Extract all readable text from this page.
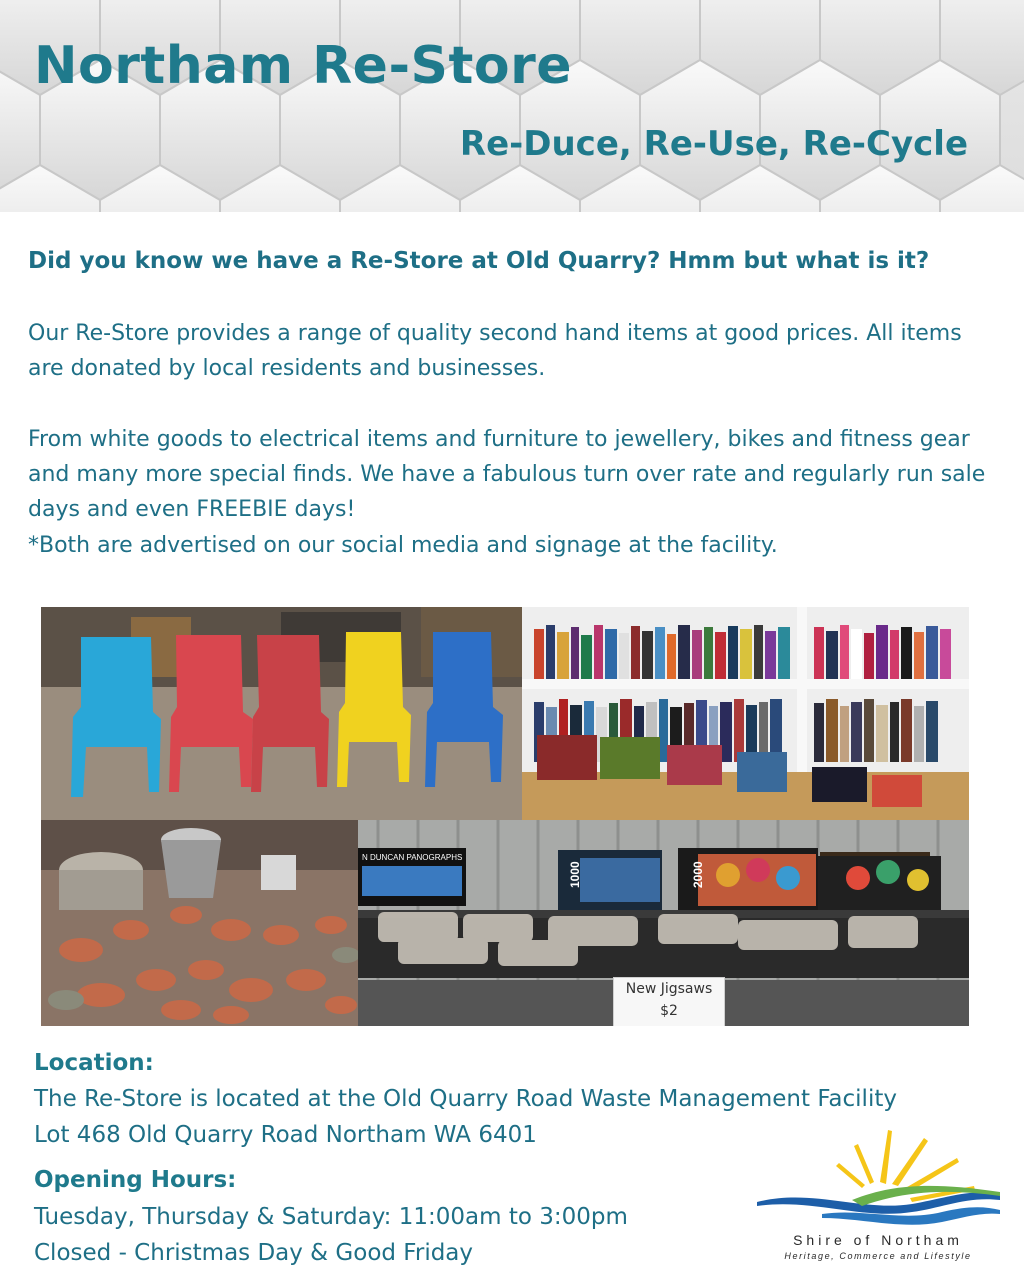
Northam Re-Store
Re-Duce, Re-Use, Re-Cycle

Did you know we have a Re-Store at Old Quarry? Hmm but what is it?

Our Re-Store provides a range of quality second hand items at good prices. All items are donated by local residents and businesses.

From white goods to electrical items and furniture to jewellery, bikes and fitness gear and many more special finds. We have a fabulous turn over rate and regularly run sale days and even FREEBIE days!

*Both are advertised on our social media and signage at the facility.

N DUNCAN PANOGRAPHS
1000	2000
New Jigsaws
$2

Location:

The Re-Store is located at the Old Quarry Road Waste Management Facility
Lot 468 Old Quarry Road Northam WA 6401

Opening Hours:

Tuesday, Thursday & Saturday: 11:00am to 3:00pm
Closed - Christmas Day & Good Friday	Shire of Northam

Heritage, Commerce and Lifestyle
